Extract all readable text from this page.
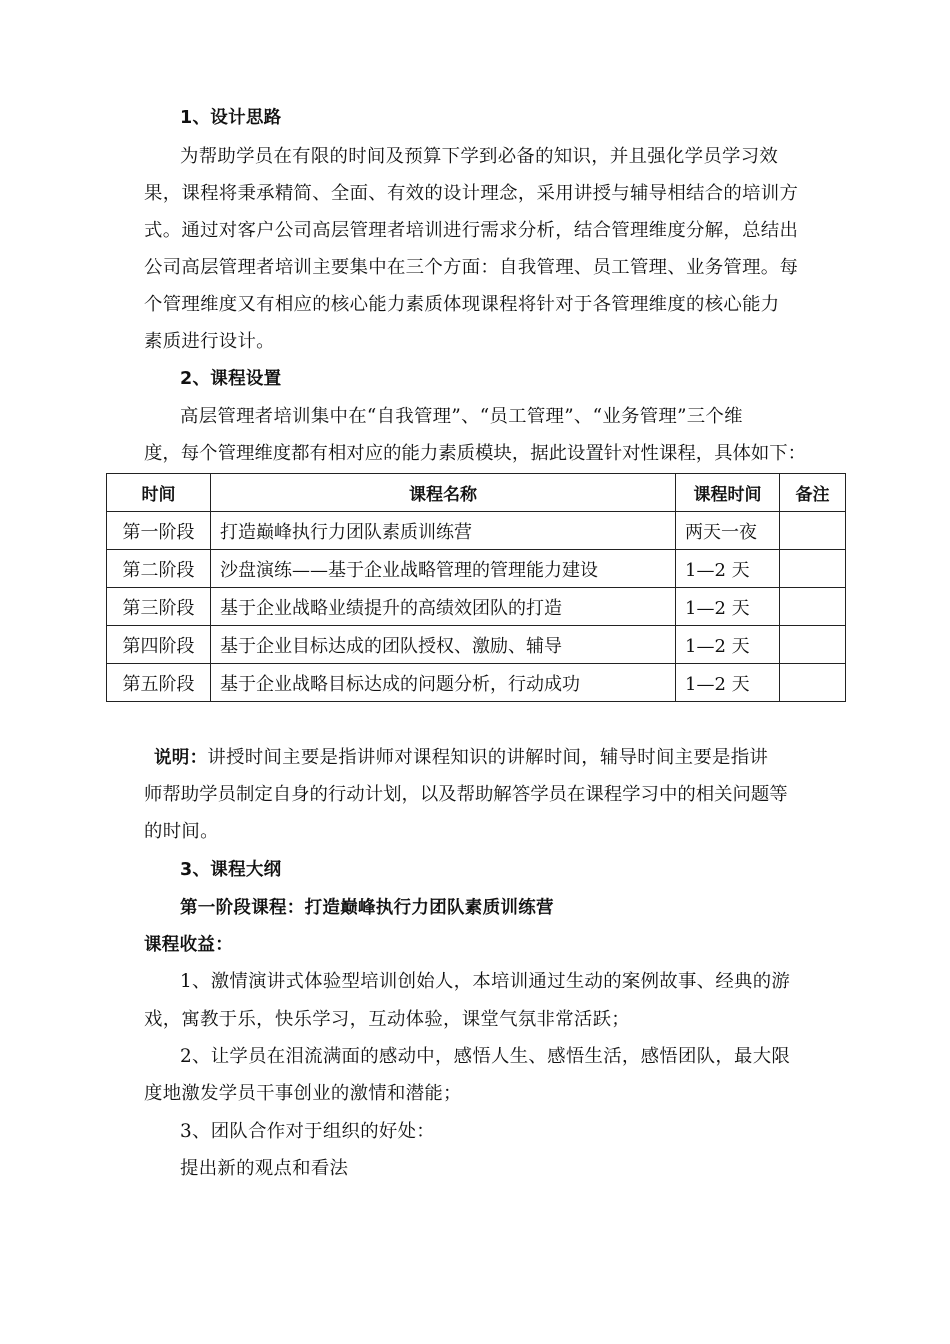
1、设计思路
为帮助学员在有限的时间及预算下学到必备的知识，并且强化学员学习效
果，课程将秉承精简、全面、有效的设计理念，采用讲授与辅导相结合的培训方
式。通过对客户公司高层管理者培训进行需求分析，结合管理维度分解，总结出
公司高层管理者培训主要集中在三个方面：自我管理、员工管理、业务管理。每
个管理维度又有相应的核心能力素质体现课程将针对于各管理维度的核心能力
素质进行设计。
2、课程设置
高层管理者培训集中在“自我管理”、“员工管理”、“业务管理”三个维
度，每个管理维度都有相对应的能力素质模块，据此设置针对性课程，具体如下：
时间	课程名称	课程时间	备注
第一阶段	打造巅峰执行力团队素质训练营	两天一夜	
第二阶段	沙盘演练——基于企业战略管理的管理能力建设	1—2 天	
第三阶段	基于企业战略业绩提升的高绩效团队的打造	1—2 天	
第四阶段	基于企业目标达成的团队授权、激励、辅导	1—2 天	
第五阶段	基于企业战略目标达成的问题分析，行动成功	1—2 天	
说明：讲授时间主要是指讲师对课程知识的讲解时间，辅导时间主要是指讲
师帮助学员制定自身的行动计划，以及帮助解答学员在课程学习中的相关问题等
的时间。
3、课程大纲
第一阶段课程：打造巅峰执行力团队素质训练营
课程收益：
1、激情演讲式体验型培训创始人，本培训通过生动的案例故事、经典的游
戏，寓教于乐，快乐学习，互动体验，课堂气氛非常活跃；
2、让学员在泪流满面的感动中，感悟人生、感悟生活，感悟团队，最大限
度地激发学员干事创业的激情和潜能；
3、团队合作对于组织的好处：
提出新的观点和看法
